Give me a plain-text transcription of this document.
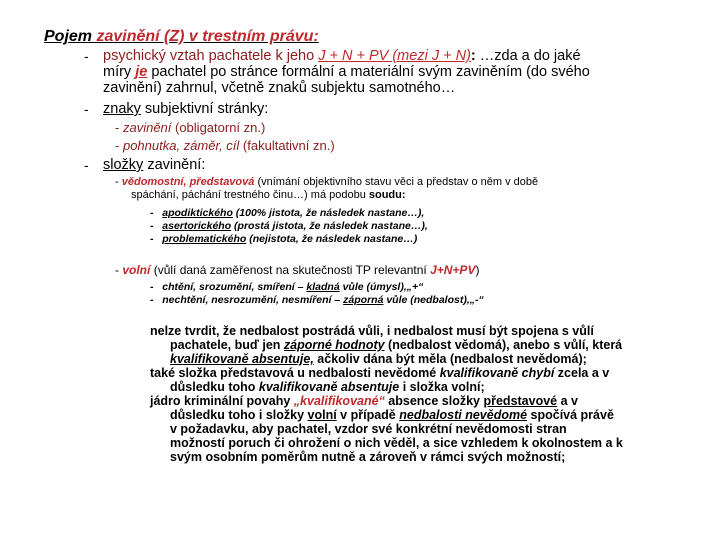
Pojem zavinění (Z) v trestním právu:
- psychický vztah pachatele k jeho J + N + PV (mezi J + N): …zda a do jaké
míry je pachatel po stránce formální a materiální svým zaviněním (do svého
zavinění) zahrnul, včetně znaků subjektu samotného…
- znaky subjektivní stránky:
- zavinění (obligatorní zn.)
- pohnutka, záměr, cíl (fakultativní zn.)
- složky zavinění:
- vědomostní, představová (vnímání objektivního stavu věci a představ o něm v době
spáchání, páchání trestného činu…) má podobu soudu:
- apodiktického (100% jistota, že následek nastane…),
- asertorického (prostá jistota, že následek nastane…),
- problematického (nejistota, že následek nastane…)
- volní (vůlí daná zaměřenost na skutečnosti TP relevantní J+N+PV)
- chtění, srozumění, smíření – kladná vůle (úmysl),„+“
- nechtění, nesrozumění, nesmíření – záporná vůle (nedbalost),„-“
nelze tvrdit, že nedbalost postrádá vůli, i nedbalost musí být spojena s vůlí
pachatele, buď jen záporné hodnoty (nedbalost vědomá), anebo s vůlí, která
kvalifikovaně absentuje, ačkoliv dána být měla (nedbalost nevědomá);
také složka představová u nedbalosti nevědomé kvalifikovaně chybí zcela a v
důsledku toho kvalifikovaně absentuje i složka volní;
jádro kriminální povahy „kvalifikované“ absence složky představové a v
důsledku toho i složky volní v případě nedbalosti nevědomé spočívá právě
v požadavku, aby pachatel, vzdor své konkrétní nevědomosti stran
možností poruch či ohrožení o nich věděl, a sice vzhledem k okolnostem a k
svým osobním poměrům nutně a zároveň v rámci svých možností;
